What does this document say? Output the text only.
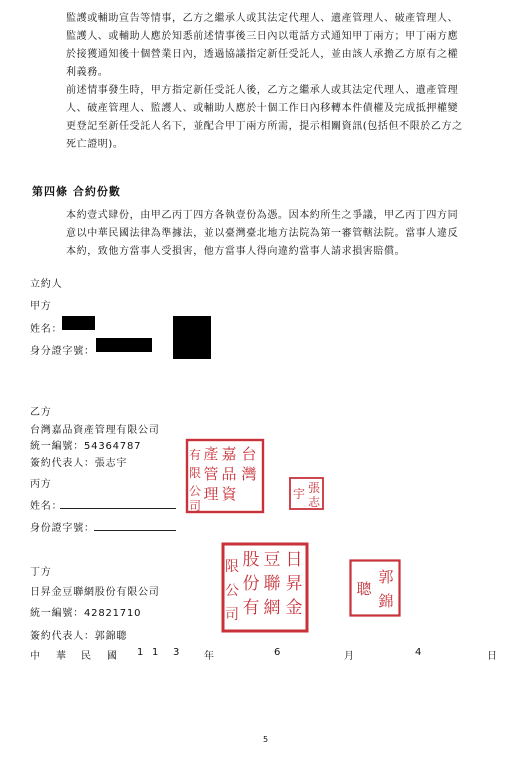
監護或輔助宣告等情事，乙方之繼承人或其法定代理人、遺產管理人、破產管理人、
監護人、或輔助人應於知悉前述情事後三日內以電話方式通知甲丁兩方；甲丁兩方應
於接獲通知後十個營業日內，透過協議指定新任受託人，並由該人承擔乙方原有之權
利義務。
前述情事發生時，甲方指定新任受託人後，乙方之繼承人或其法定代理人、遺產管理
人、破產管理人、監護人、或輔助人應於十個工作日內移轉本件債權及完成抵押權變
更登記至新任受託人名下，並配合甲丁兩方所需，提示相關資訊(包括但不限於乙方之
死亡證明)。
第四條 合約份數
本約壹式肆份，由甲乙丙丁四方各執壹份為憑。因本約所生之爭議，甲乙丙丁四方同
意以中華民國法律為準據法，並以臺灣臺北地方法院為第一審管轄法院。當事人違反
本約，致他方當事人受損害，他方當事人得向違約當事人請求損害賠償。
立約人
甲方
姓名：
身分證字號：
乙方
台灣嘉品資產管理有限公司
統一編號：54364787
簽約代表人：張志宇
丙方
姓名：
身份證字號：
丁方
日昇金豆聯網股份有限公司
統一編號：42821710
簽約代表人：郭錦聰
台
灣
嘉
品
資
產
管
理
有
限
公
司
張
志
宇
日
昇
金
豆
聯
網
股
份
有
限
公
司
郭
錦
聰
中 華 民 國 1 1 3 年	6	月	4	日
5
